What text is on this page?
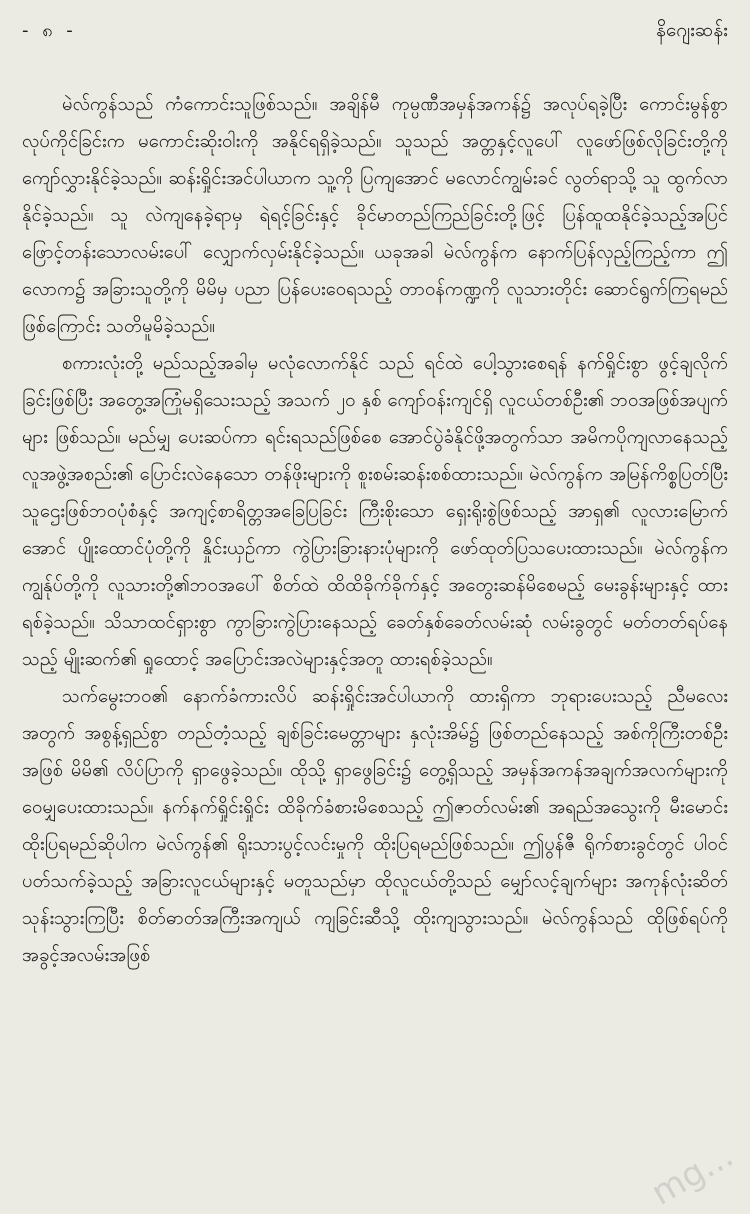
- ၈ -	နိဂျေးဆန်း

မဲလ်ကွန်သည် ကံကောင်းသူဖြစ်သည်။ အချိန်မီ ကုမ္ပဏီအမှန်အကန်၌ အလုပ်ရခဲ့ပြီး ကောင်းမွန်စွာလုပ်ကိုင်ခြင်းက မကောင်းဆိုးဝါးကို အနိုင်ရရှိခဲ့သည်။ သူသည် အတ္တနှင့်လူပေါ် လူဖော်ဖြစ်လိုခြင်းတို့ကိုကျော်လွှားနိုင်ခဲ့သည်။ ဆန်းရှိုင်းအင်ပါယာက သူ့ကို ပြကျအောင် မလောင်ကျွမ်းခင် လွတ်ရာသို့ သူ ထွက်လာနိုင်ခဲ့သည်။ သူ လဲကျနေခဲ့ရာမှ ရဲရင့်ခြင်းနှင့် ခိုင်မာတည်ကြည်ခြင်းတို့ဖြင့် ပြန်ထူထနိုင်ခဲ့သည့်အပြင် ဖြောင့်တန်းသောလမ်းပေါ် လျှောက်လှမ်းနိုင်ခဲ့သည်။ ယခုအခါ မဲလ်ကွန်က နောက်ပြန်လှည့်ကြည့်ကာ ဤလောက၌ အခြားသူတို့ကို မိမိမှ ပညာ ပြန်ပေးဝေရသည့် တာဝန်ကဏ္ဍကို လူသားတိုင်း ဆောင်ရွက်ကြရမည်ဖြစ်ကြောင်း သတိမူမိခဲ့သည်။

စကားလုံးတို့ မည်သည့်အခါမှ မလုံလောက်နိုင် သည် ရင်ထဲ ပေါ့သွားစေရန် နက်ရှိုင်းစွာ ဖွင့်ချလိုက်ခြင်းဖြစ်ပြီး အတွေ့အကြုံမရှိသေးသည့် အသက် ၂၀ နှစ် ကျော်ဝန်းကျင်ရှိ လူငယ်တစ်ဦး၏ ဘဝအဖြစ်အပျက်များ ဖြစ်သည်။ မည်မျှ ပေးဆပ်ကာ ရင်းရသည်ဖြစ်စေ အောင်ပွဲခံနိုင်ဖို့အတွက်သာ အမိကပိုကျလာနေသည့် လူအဖွဲ့အစည်း၏ ပြောင်းလဲနေသော တန်ဖိုးများကို စူးစမ်းဆန်းစစ်ထားသည်။ မဲလ်ကွန်က အမြန်ကိစ္စပြတ်ပြီး သူဌေးဖြစ်ဘဝပုံစံနှင့် အကျင့်စာရိတ္တအခြေပြခြင်း ကြီးစိုးသော ရှေးရိုးစွဲဖြစ်သည့် အာရှ၏ လူလားမြောက်အောင် ပျိုးထောင်ပုံတို့ကို နှိုင်းယှဉ်ကာ ကွဲပြားခြားနားပုံများကို ဖော်ထုတ်ပြသပေးထားသည်။ မဲလ်ကွန်က ကျွန်ုပ်တို့ကို လူသားတို့၏ဘဝအပေါ် စိတ်ထဲ ထိထိခိုက်ခိုက်နှင့် အတွေးဆန်မိစေမည့် မေးခွန်းများနှင့် ထားရစ်ခဲ့သည်။ သိသာထင်ရှားစွာ ကွာခြားကွဲပြားနေသည့် ခေတ်နှစ်ခေတ်လမ်းဆုံ လမ်းခွတွင် မတ်တတ်ရပ်နေသည့် မျိုးဆက်၏ ရှုထောင့် အပြောင်းအလဲများနှင့်အတူ ထားရစ်ခဲ့သည်။

သက်မွေးဘဝ၏ နောက်ခံကားလိပ် ဆန်းရှိုင်းအင်ပါယာကို ထားရှိကာ ဘုရားပေးသည့် ညီမလေးအတွက် အစွန့်ရှည်စွာ တည်တံ့သည့် ချစ်ခြင်းမေတ္တာများ နှလုံးအိမ်၌ ဖြစ်တည်နေသည့် အစ်ကိုကြီးတစ်ဦးအဖြစ် မိမိ၏ လိပ်ပြာကို ရှာဖွေခဲ့သည်။ ထိုသို့ ရှာဖွေခြင်း၌ တွေ့ရှိသည့် အမှန်အကန်အချက်အလက်များကို ဝေမျှပေးထားသည်။ နက်နက်ရှိုင်းရှိုင်း ထိခိုက်ခံစားမိစေသည့် ဤဇာတ်လမ်း၏ အရည်အသွေးကို မီးမောင်းထိုးပြရမည်ဆိုပါက မဲလ်ကွန်၏ ရိုးသားပွင့်လင်းမှုကို ထိုးပြရမည်ဖြစ်သည်။ ဤပွန်ဇီ ရိုက်စားခွင်တွင် ပါဝင်ပတ်သက်ခဲ့သည့် အခြားလူငယ်များနှင့် မတူသည်မှာ ထိုလူငယ်တို့သည် မျှော်လင့်ချက်များ အကုန်လုံးဆိတ်သုန်းသွားကြပြီး စိတ်ဓာတ်အကြီးအကျယ် ကျခြင်းဆီသို့ ထိုးကျသွားသည်။ မဲလ်ကွန်သည် ထိုဖြစ်ရပ်ကို အခွင့်အလမ်းအဖြစ်

mg...
